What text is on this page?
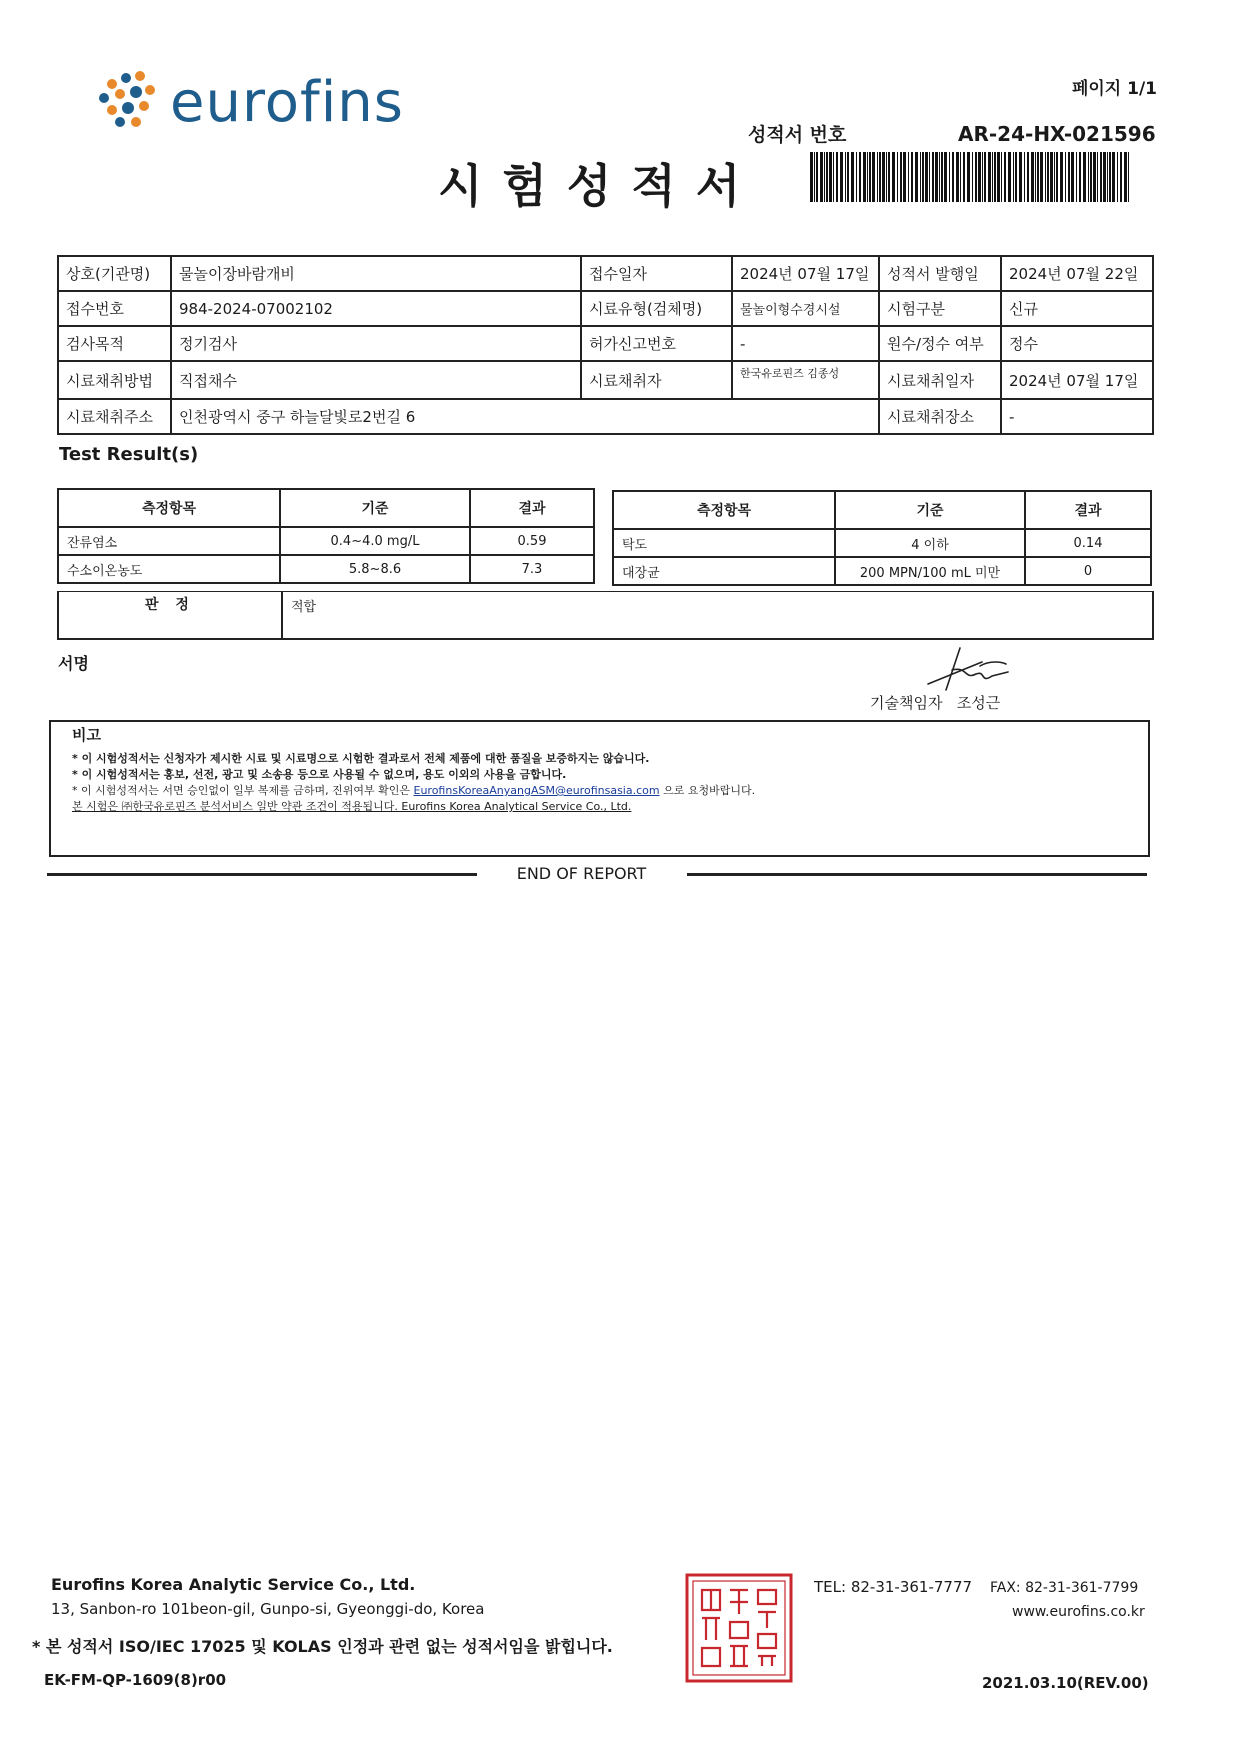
eurofins	페이지 1/1
성적서 번호	AR-24-HX-021596
시험성적서
상호(기관명)	물놀이장바람개비	접수일자	2024년 07월 17일	성적서 발행일	2024년 07월 22일
접수번호	984-2024-07002102	시료유형(검체명)	물놀이형수경시설	시험구분	신규
검사목적	정기검사	허가신고번호	-	원수/정수 여부	정수
시료채취방법	직접채수	시료채취자	한국유로핀즈 김종성	시료채취일자	2024년 07월 17일
시료채취주소	인천광역시 중구 하늘달빛로2번길 6			시료채취장소	-
Test Result(s)
측정항목	기준	결과
잔류염소	0.4~4.0 mg/L	0.59
수소이온농도	5.8~8.6	7.3
측정항목	기준	결과
탁도	4 이하	0.14
대장균	200 MPN/100 mL 미만	0
판 정	적합
서명
기술책임자   조성근
비고

* 이 시험성적서는 신청자가 제시한 시료 및 시료명으로 시험한 결과로서 전체 제품에 대한 품질을 보증하지는 않습니다.

* 이 시험성적서는 홍보, 선전, 광고 및 소송용 등으로 사용될 수 없으며, 용도 이외의 사용을 금합니다.

* 이 시험성적서는 서면 승인없이 일부 복제를 금하며, 진위여부 확인은 EurofinsKoreaAnyangASM@eurofinsasia.com 으로 요청바랍니다.

본 시험은 ㈜한국유로핀즈 분석서비스 일반 약관 조건이 적용됩니다. Eurofins Korea Analytical Service Co., Ltd.

END OF REPORT
Eurofins Korea Analytic Service Co., Ltd.
13, Sanbon-ro 101beon-gil, Gunpo-si, Gyeonggi-do, Korea
* 본 성적서 ISO/IEC 17025 및 KOLAS 인정과 관련 없는 성적서임을 밝힙니다.
EK-FM-QP-1609(8)r00
TEL: 82-31-361-7777 FAX: 82-31-361-7799
www.eurofins.co.kr
2021.03.10(REV.00)
